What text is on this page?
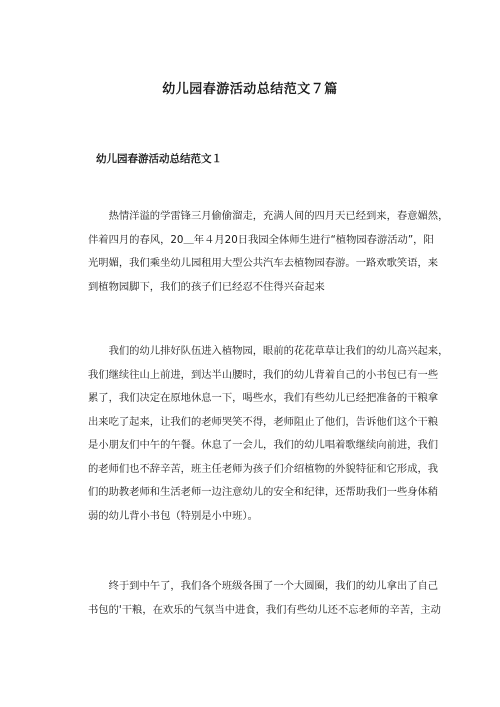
幼儿园春游活动总结范文７篇
幼儿园春游活动总结范文１
　　热情洋溢的学雷锋三月偷偷溜走，充满人间的四月天已经到来，春意媚然，
伴着四月的春风，20＿年４月20日我园全体师生进行“植物园春游活动”，阳
光明媚，我们乘坐幼儿园租用大型公共汽车去植物园春游。一路欢歌笑语，来
到植物园脚下，我们的孩子们已经忍不住得兴奋起来
　　我们的幼儿排好队伍进入植物园，眼前的花花草草让我们的幼儿高兴起来，
我们继续往山上前进，到达半山腰时，我们的幼儿背着自己的小书包已有一些
累了，我们决定在原地休息一下，喝些水，我们有些幼儿已经把准备的干粮拿
出来吃了起来，让我们的老师哭笑不得，老师阻止了他们，告诉他们这个干粮
是小朋友们中午的午餐。休息了一会儿，我们的幼儿唱着歌继续向前进，我们
的老师们也不辞辛苦，班主任老师为孩子们介绍植物的外貌特征和它形成，我
们的助教老师和生活老师一边注意幼儿的安全和纪律，还帮助我们一些身体稍
弱的幼儿背小书包（特别是小中班）。
　　终于到中午了，我们各个班级各围了一个大圆圈，我们的幼儿拿出了自己
书包的'干粮，在欢乐的气氛当中进食，我们有些幼儿还不忘老师的辛苦，主动
